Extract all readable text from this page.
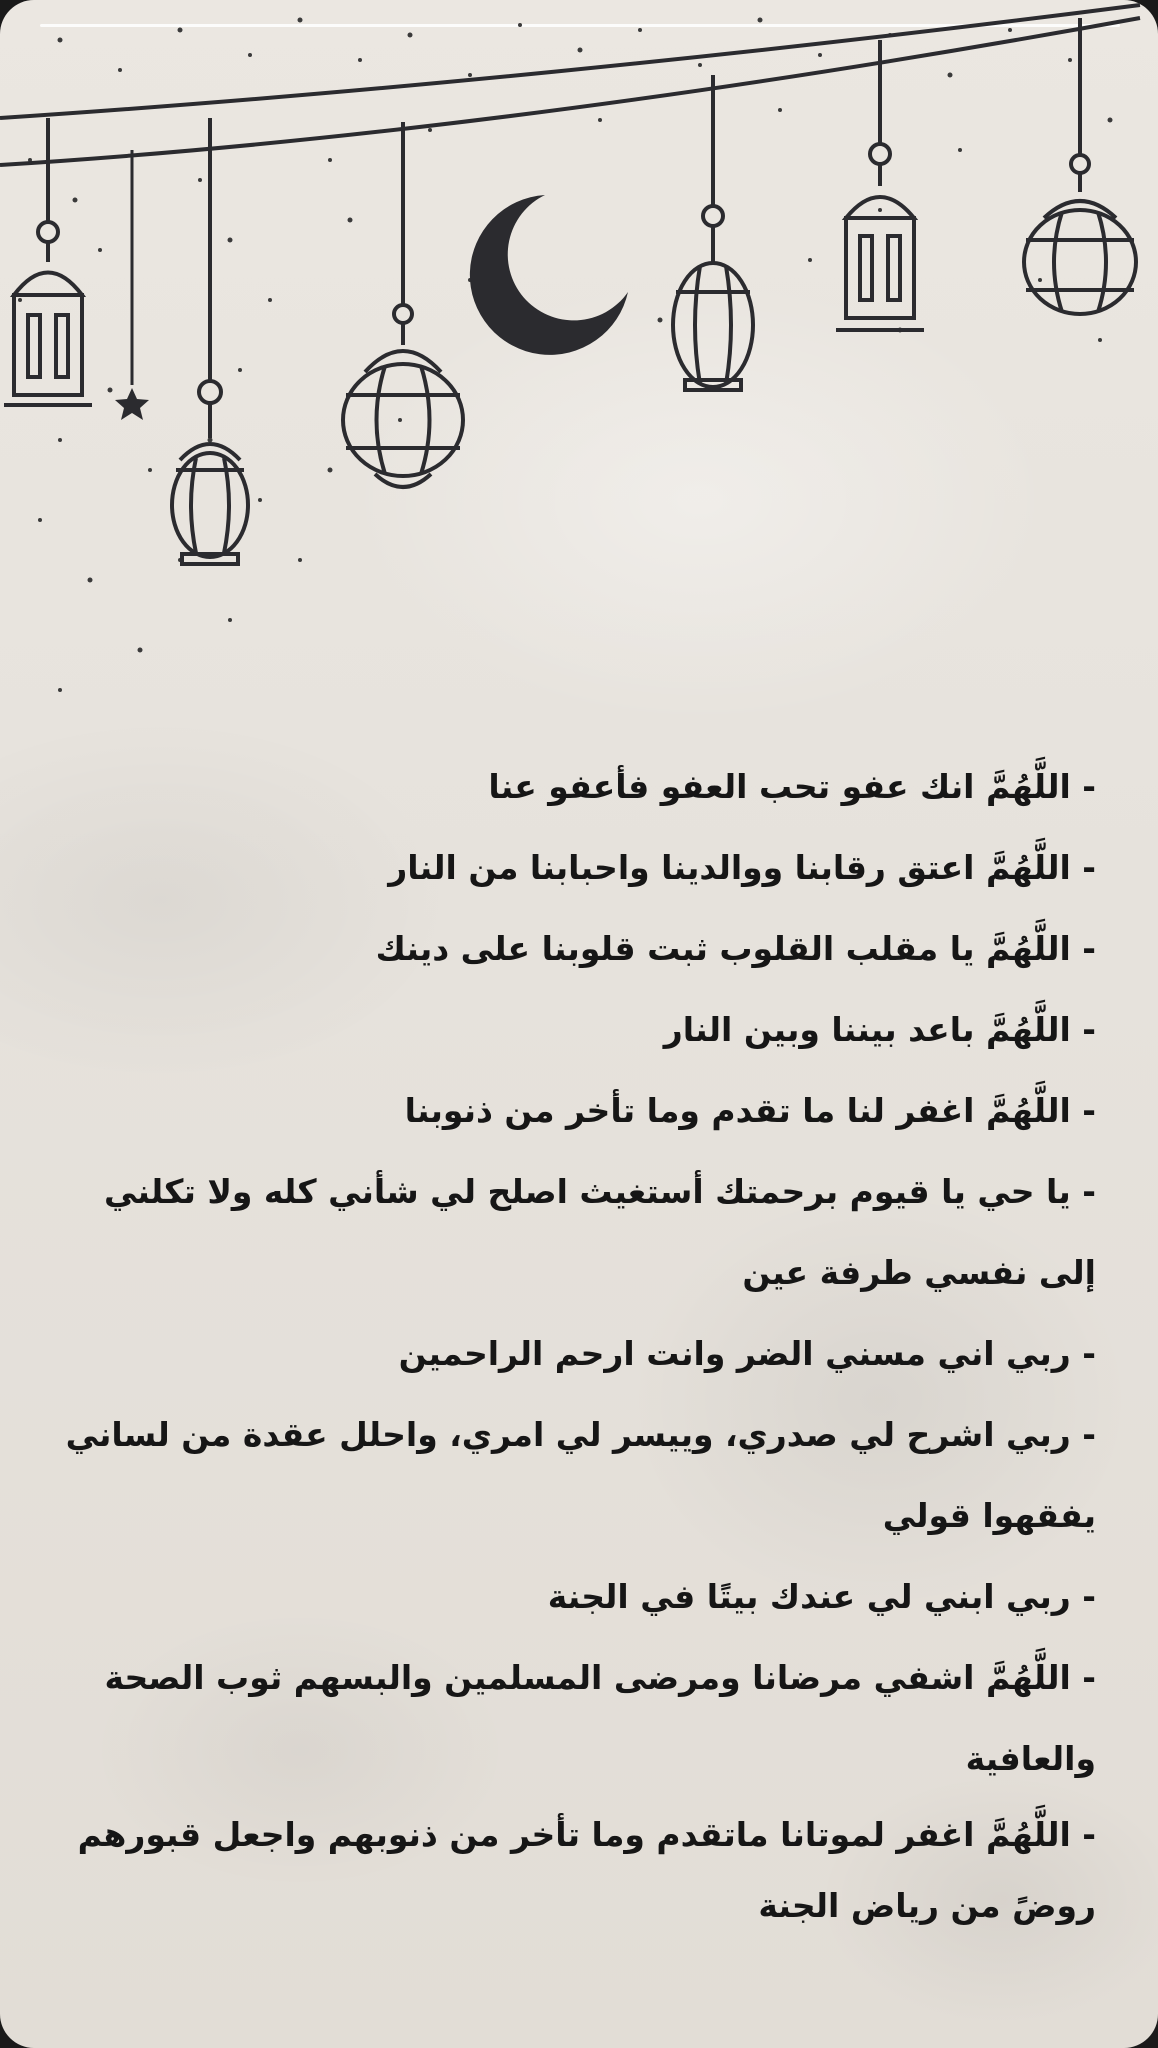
- اللَّهُمَّ انك عفو تحب العفو فأعفو عنا
- اللَّهُمَّ اعتق رقابنا ووالدينا واحبابنا من النار
- اللَّهُمَّ يا مقلب القلوب ثبت قلوبنا على دينك
- اللَّهُمَّ باعد بيننا وبين النار
- اللَّهُمَّ اغفر لنا ما تقدم وما تأخر من ذنوبنا
- يا حي يا قيوم برحمتك أستغيث اصلح لي شأني كله ولا تكلني إلى نفسي طرفة عين
- ربي اني مسني الضر وانت ارحم الراحمين
- ربي اشرح لي صدري، وييسر لي امري، واحلل عقدة من لساني يفقهوا قولي
- ربي ابني لي عندك بيتًا في الجنة
- اللَّهُمَّ اشفي مرضانا ومرضى المسلمين والبسهم ثوب الصحة والعافية
- اللَّهُمَّ اغفر لموتانا ماتقدم وما تأخر من ذنوبهم واجعل قبورهم روضً من رياض الجنة
